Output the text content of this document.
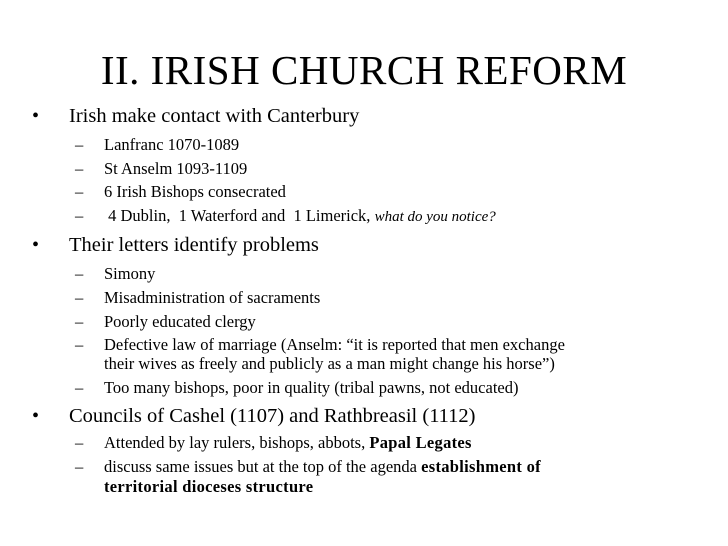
II. IRISH CHURCH REFORM
• Irish make contact with Canterbury
– Lanfranc 1070-1089
– St Anselm 1093-1109
– 6 Irish Bishops consecrated
– 4 Dublin,  1 Waterford and  1 Limerick, what do you notice?
• Their letters identify problems
– Simony
– Misadministration of sacraments
– Poorly educated clergy
– Defective law of marriage (Anselm: “it is reported that men exchange
their wives as freely and publicly as a man might change his horse”)
– Too many bishops, poor in quality (tribal pawns, not educated)
• Councils of Cashel (1107) and Rathbreasil (1112)
– Attended by lay rulers, bishops, abbots, Papal Legates
– discuss same issues but at the top of the agenda establishment of
territorial dioceses structure
